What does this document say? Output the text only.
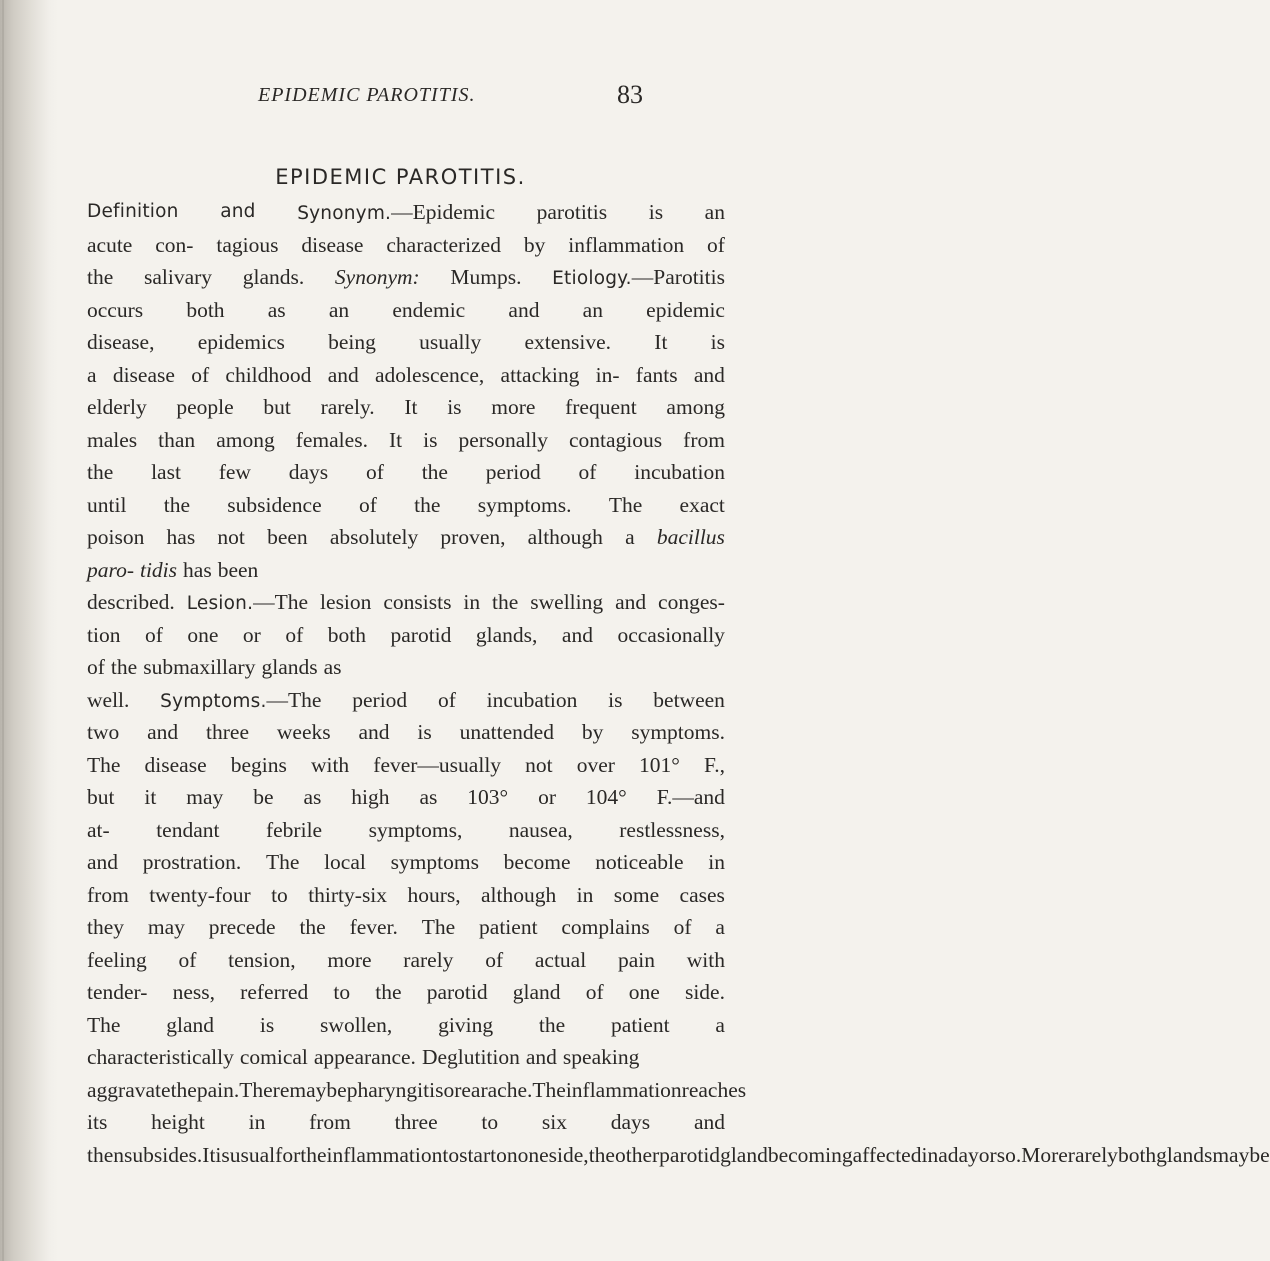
EPIDEMIC PAROTITIS.	83
EPIDEMIC PAROTITIS.
Definition and Synonym.—Epidemic parotitis is an
acute con- tagious disease characterized by inflammation of
the salivary glands. Synonym: Mumps. Etiology.—Parotitis
occurs both as an endemic and an epidemic
disease, epidemics being usually extensive. It is
a disease of childhood and adolescence, attacking in- fants and
elderly people but rarely. It is more frequent among
males than among females. It is personally contagious from
the last few days of the period of incubation
until the subsidence of the symptoms. The exact
poison has not been absolutely proven, although a bacillus
paro- tidis has been
described. Lesion.—The lesion consists in the swelling and conges-
tion of one or of both parotid glands, and occasionally
of the submaxillary glands as
well. Symptoms.—The period of incubation is between
two and three weeks and is unattended by symptoms.
The disease begins with fever—usually not over 101° F.,
but it may be as high as 103° or 104° F.—and
at- tendant febrile symptoms, nausea, restlessness,
and prostration. The local symptoms become noticeable in
from twenty-four to thirty-six hours, although in some cases
they may precede the fever. The patient complains of a
feeling of tension, more rarely of actual pain with
tender- ness, referred to the parotid gland of one side.
The gland is swollen, giving the patient a
characteristically comical appearance. Deglutition and speaking
aggravate the pain. There may be pharyngitis or earache. The inflammation reaches
its height in from three to six days and
then subsides. It is usual for the inflammation to start on one side, the other parotid gland becoming affected in a day or so. More rarely both glands may be
